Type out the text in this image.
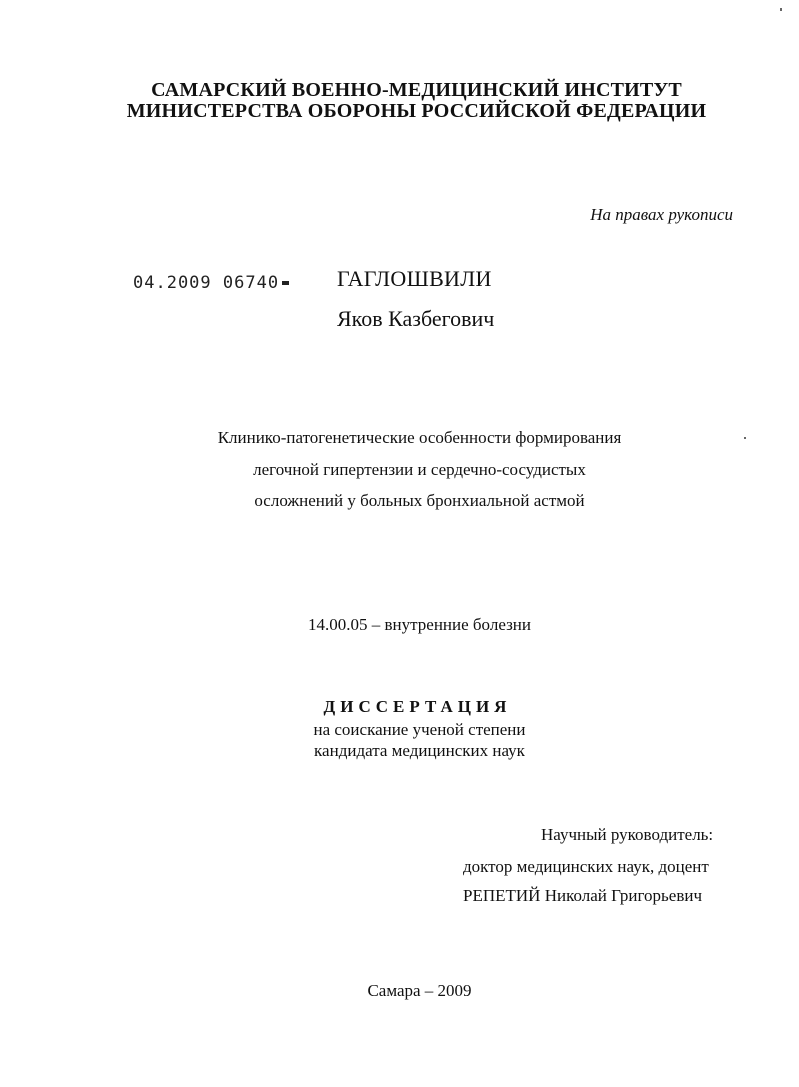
САМАРСКИЙ ВОЕННО-МЕДИЦИНСКИЙ ИНСТИТУТ
МИНИСТЕРСТВА ОБОРОНЫ РОССИЙСКОЙ ФЕДЕРАЦИИ
На правах рукописи
04.2009 06740	ГАГЛОШВИЛИ
Яков Казбегович
Клинико-патогенетические особенности формирования
легочной гипертензии и сердечно-сосудистых
осложнений у больных бронхиальной астмой
14.00.05 – внутренние болезни
ДИССЕРТАЦИЯ
на соискание ученой степени
кандидата медицинских наук
Научный руководитель:
доктор медицинских наук, доцент
РЕПЕТИЙ Николай Григорьевич
Самара – 2009
